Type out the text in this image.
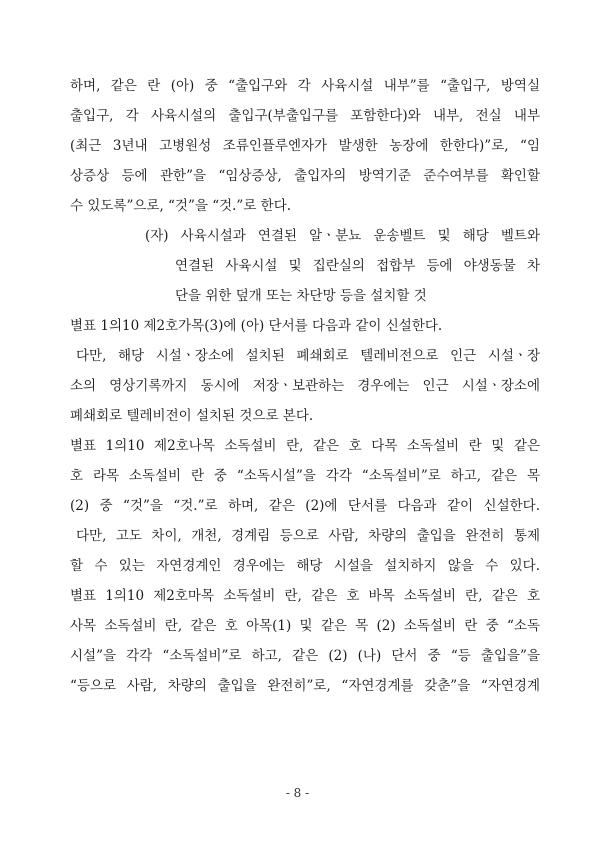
하며, 같은 란 (아) 중 “출입구와 각 사육시설 내부”를 “출입구, 방역실
출입구, 각 사육시설의 출입구(부출입구를 포함한다)와 내부, 전실 내부
(최근 3년내 고병원성 조류인플루엔자가 발생한 농장에 한한다)”로, “임
상증상 등에 관한”을 “임상증상, 출입자의 방역기준 준수여부를 확인할
수 있도록”으로, “것”을 “것.”로 한다.
(자) 사육시설과 연결된 알ㆍ분뇨 운송벨트 및 해당 벨트와
연결된 사육시설 및 집란실의 접합부 등에 야생동물 차
단을 위한 덮개 또는 차단망 등을 설치할 것
별표 1의10 제2호가목(3)에 (아) 단서를 다음과 같이 신설한다.
다만, 해당 시설ㆍ장소에 설치된 폐쇄회로 텔레비전으로 인근 시설ㆍ장
소의 영상기록까지 동시에 저장ㆍ보관하는 경우에는 인근 시설ㆍ장소에
폐쇄회로 텔레비전이 설치된 것으로 본다.
별표 1의10 제2호나목 소독설비 란, 같은 호 다목 소독설비 란 및 같은
호 라목 소독설비 란 중 “소독시설”을 각각 “소독설비”로 하고, 같은 목
(2) 중 “것”을 “것.”로 하며, 같은 (2)에 단서를 다음과 같이 신설한다.
다만, 고도 차이, 개천, 경계림 등으로 사람, 차량의 출입을 완전히 통제
할 수 있는 자연경계인 경우에는 해당 시설을 설치하지 않을 수 있다.
별표 1의10 제2호마목 소독설비 란, 같은 호 바목 소독설비 란, 같은 호
사목 소독설비 란, 같은 호 아목(1) 및 같은 목 (2) 소독설비 란 중 “소독
시설”을 각각 “소독설비”로 하고, 같은 (2) (나) 단서 중 “등 출입을”을
“등으로 사람, 차량의 출입을 완전히”로, “자연경계를 갖춘”을 “자연경계
- 8 -
